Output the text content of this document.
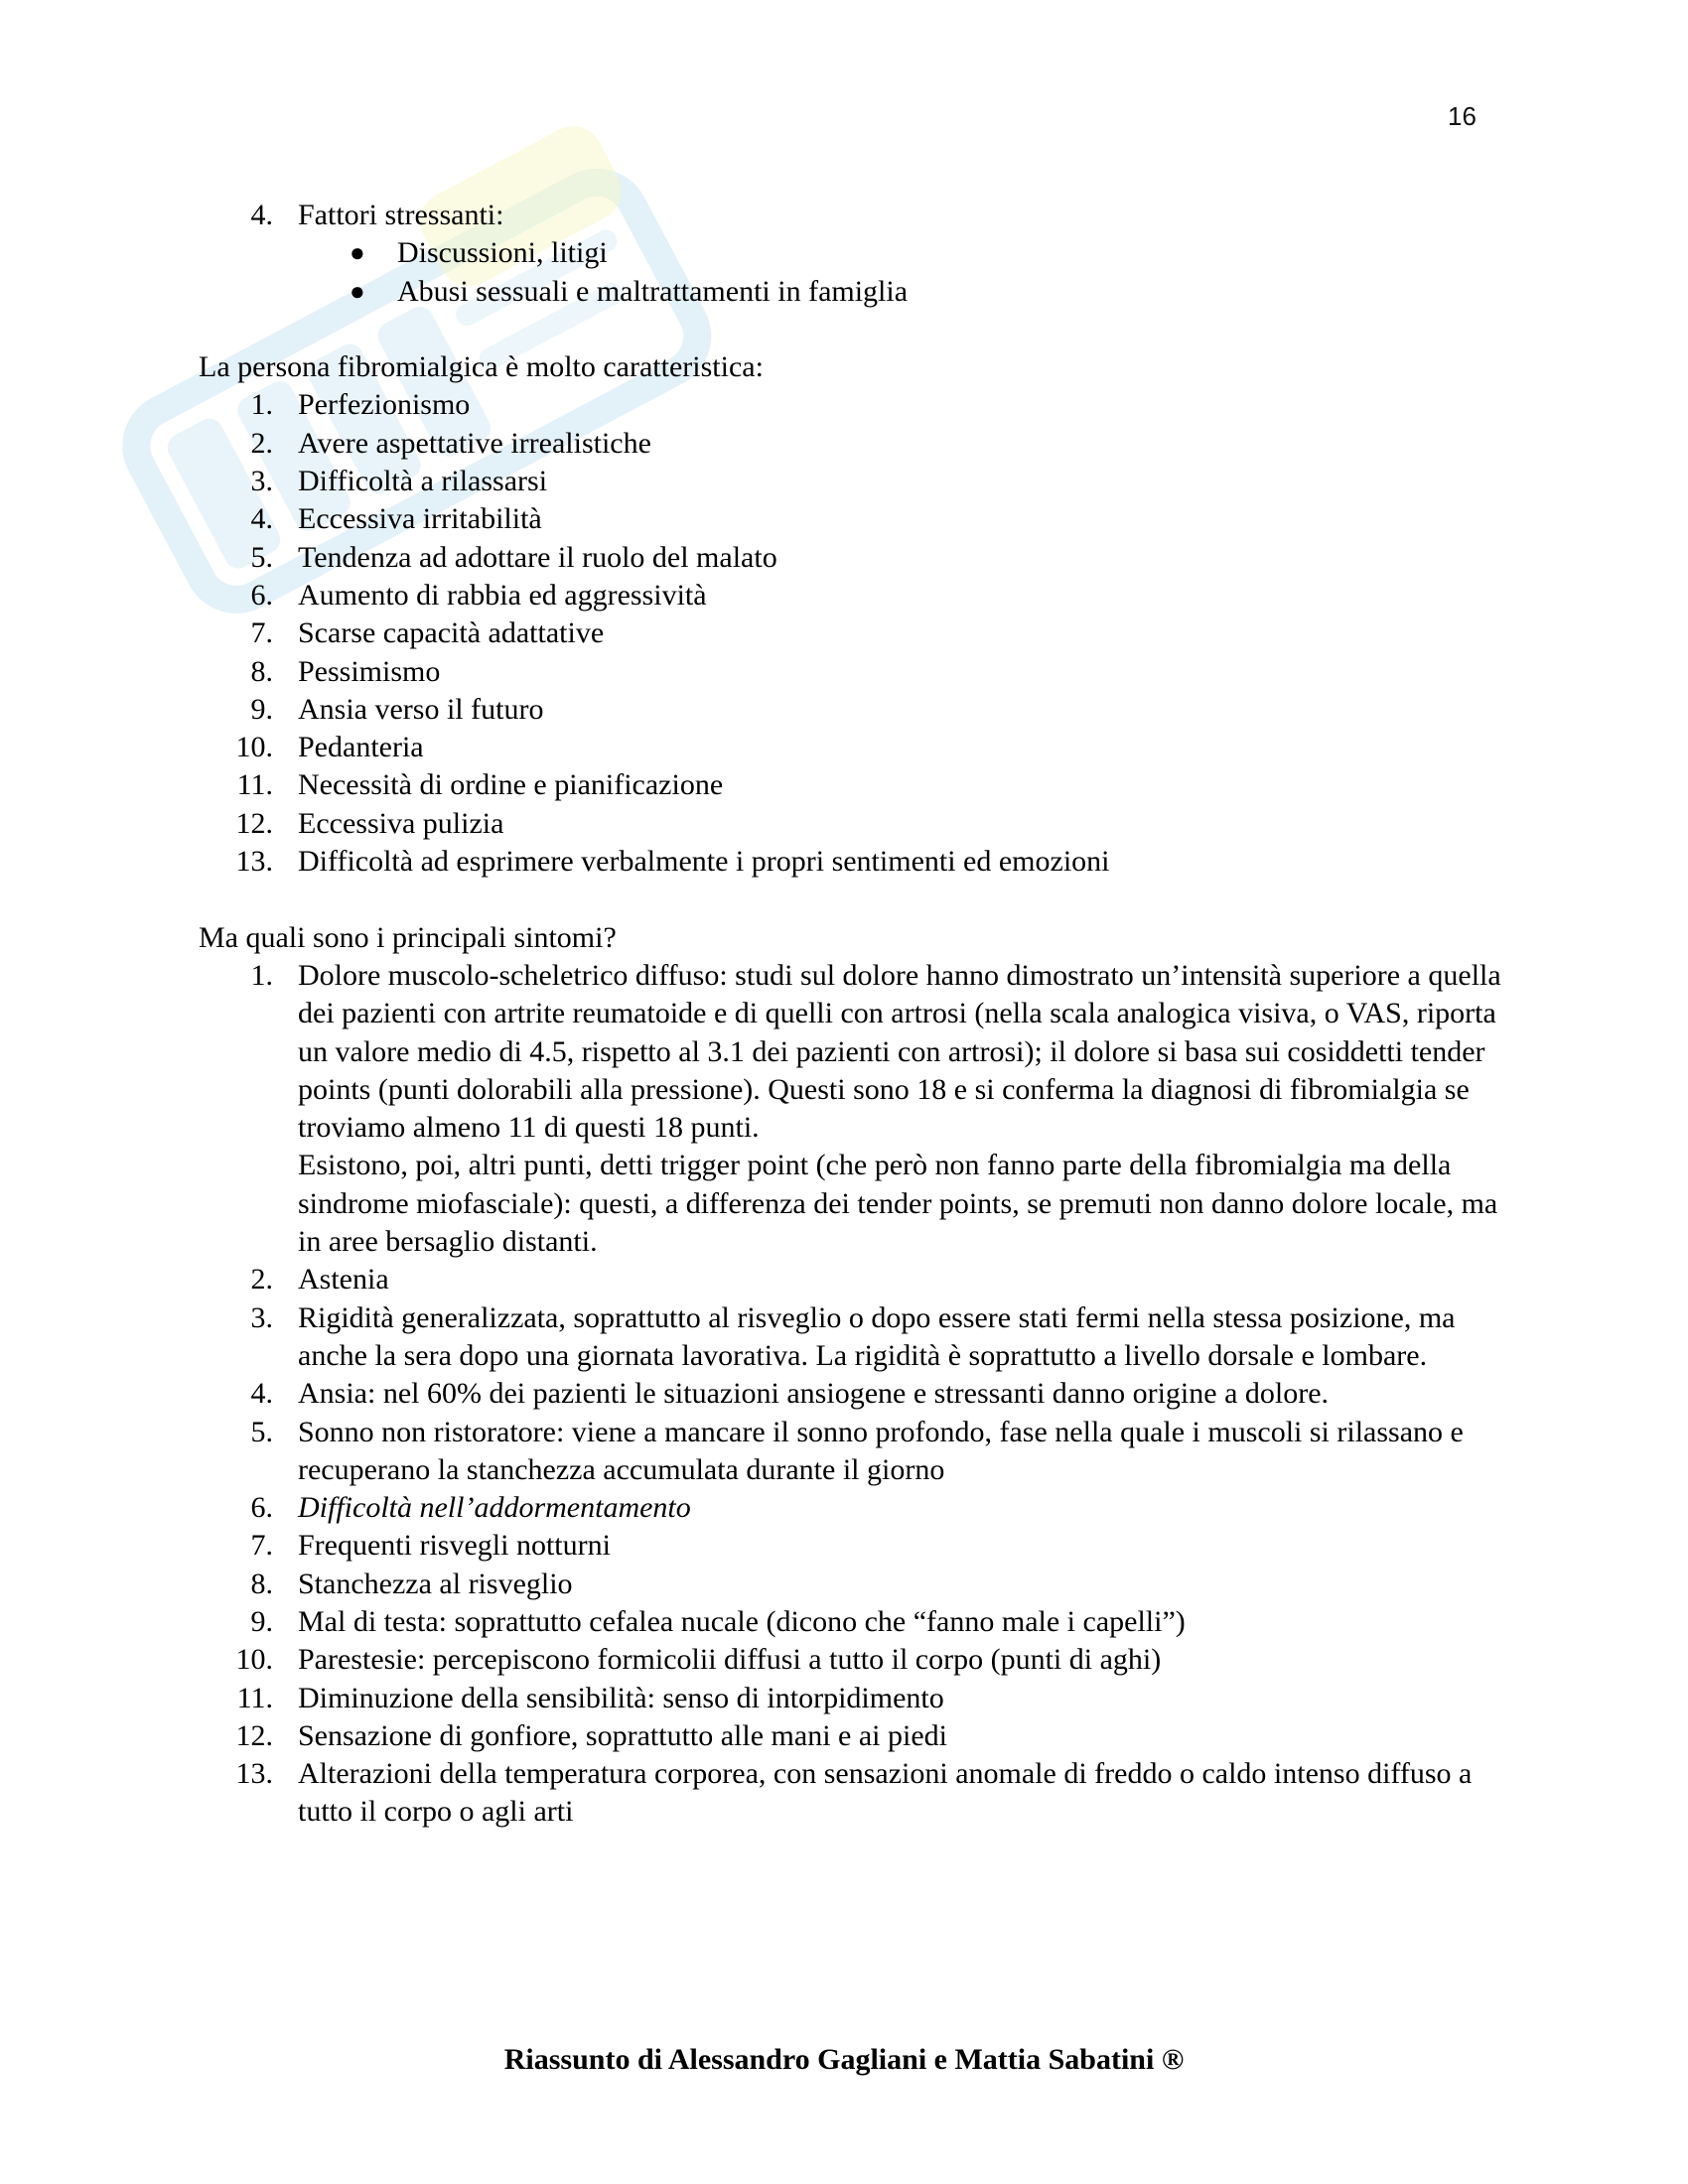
16
4. Fattori stressanti:
● Discussioni, litigi
● Abusi sessuali e maltrattamenti in famiglia

La persona fibromialgica è molto caratteristica:

1. Perfezionismo
2. Avere aspettative irrealistiche
3. Difficoltà a rilassarsi
4. Eccessiva irritabilità
5. Tendenza ad adottare il ruolo del malato
6. Aumento di rabbia ed aggressività
7. Scarse capacità adattative
8. Pessimismo
9. Ansia verso il futuro
10. Pedanteria
11. Necessità di ordine e pianificazione
12. Eccessiva pulizia
13. Difficoltà ad esprimere verbalmente i propri sentimenti ed emozioni

Ma quali sono i principali sintomi?

1. Dolore muscolo-scheletrico diffuso: studi sul dolore hanno dimostrato un’intensità superiore a quella dei pazienti con artrite reumatoide e di quelli con artrosi (nella scala analogica visiva, o VAS, riporta un valore medio di 4.5, rispetto al 3.1 dei pazienti con artrosi); il dolore si basa sui cosiddetti tender points (punti dolorabili alla pressione). Questi sono 18 e si conferma la diagnosi di fibromialgia se troviamo almeno 11 di questi 18 punti.
Esistono, poi, altri punti, detti trigger point (che però non fanno parte della fibromialgia ma della sindrome miofasciale): questi, a differenza dei tender points, se premuti non danno dolore locale, ma in aree bersaglio distanti.
2. Astenia
3. Rigidità generalizzata, soprattutto al risveglio o dopo essere stati fermi nella stessa posizione, ma anche la sera dopo una giornata lavorativa. La rigidità è soprattutto a livello dorsale e lombare.
4. Ansia: nel 60% dei pazienti le situazioni ansiogene e stressanti danno origine a dolore.
5. Sonno non ristoratore: viene a mancare il sonno profondo, fase nella quale i muscoli si rilassano e recuperano la stanchezza accumulata durante il giorno
6. Difficoltà nell’addormentamento
7. Frequenti risvegli notturni
8. Stanchezza al risveglio
9. Mal di testa: soprattutto cefalea nucale (dicono che “fanno male i capelli”)
10. Parestesie: percepiscono formicolii diffusi a tutto il corpo (punti di aghi)
11. Diminuzione della sensibilità: senso di intorpidimento
12. Sensazione di gonfiore, soprattutto alle mani e ai piedi
13. Alterazioni della temperatura corporea, con sensazioni anomale di freddo o caldo intenso diffuso a tutto il corpo o agli arti
Riassunto di Alessandro Gagliani e Mattia Sabatini ®
